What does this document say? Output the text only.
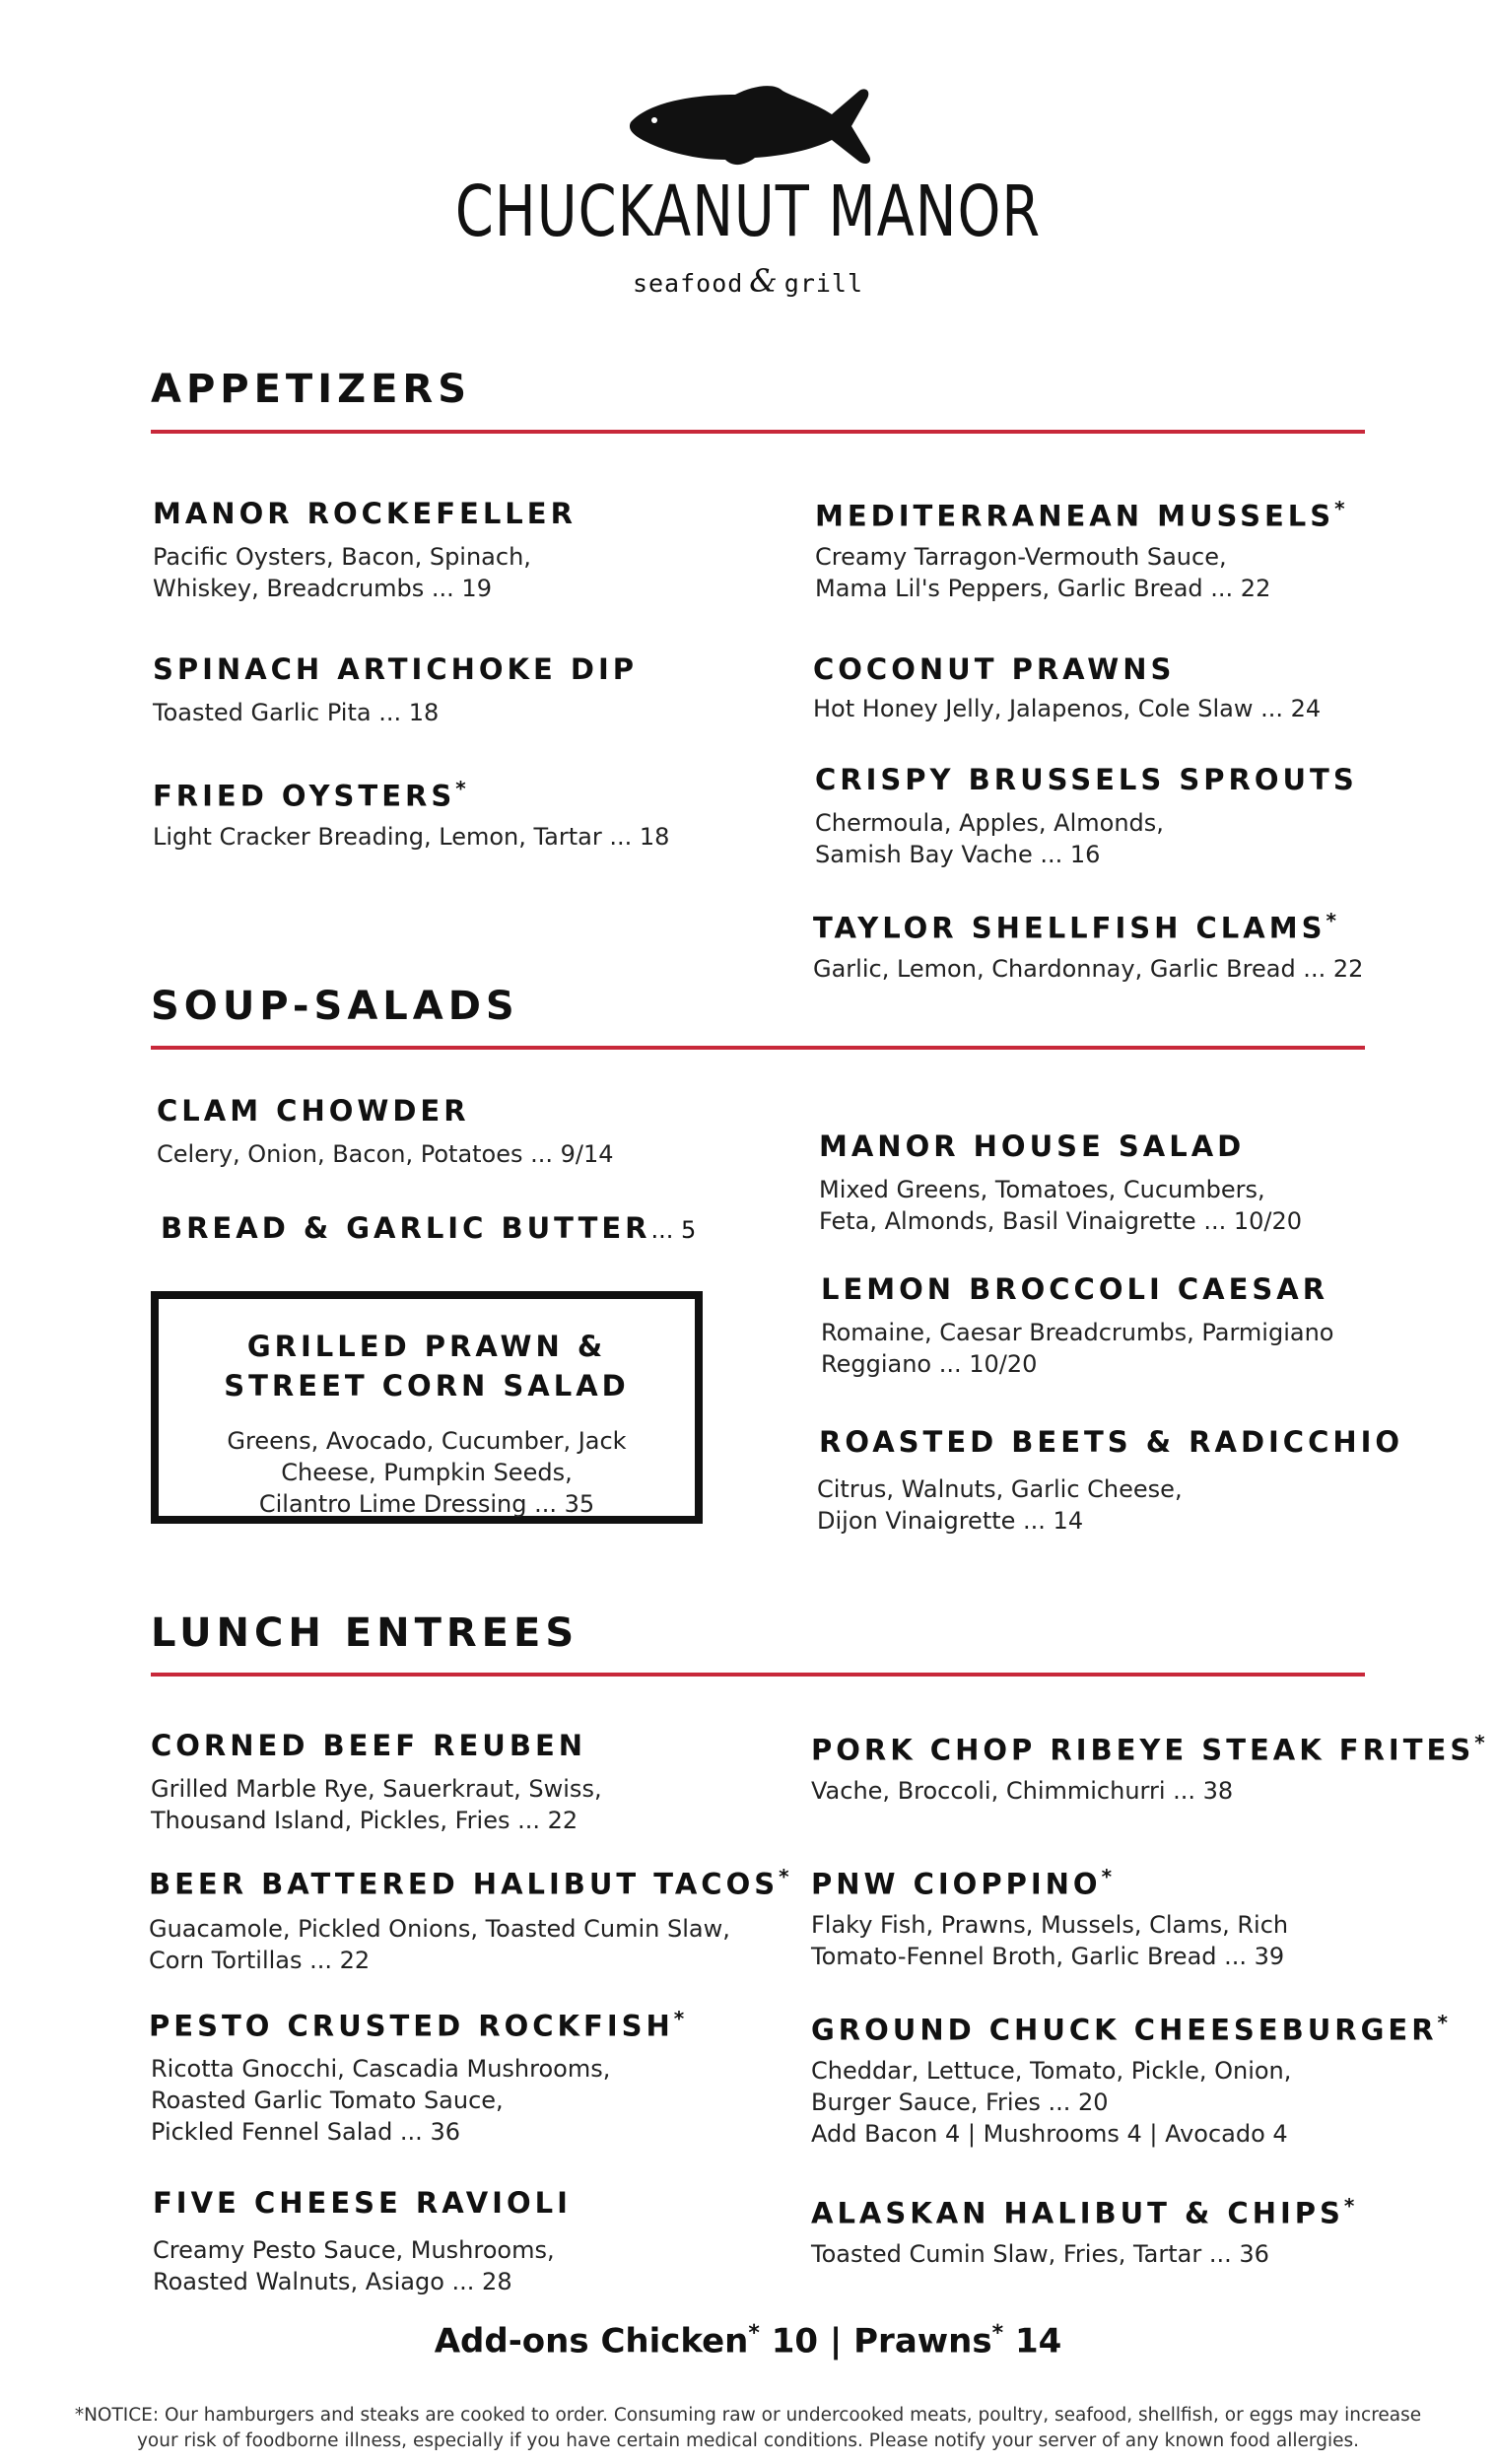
CHUCKANUT MANOR
seafood & grill
APPETIZERS
MANOR ROCKEFELLER
Pacific Oysters, Bacon, Spinach,
Whiskey, Breadcrumbs ... 19
SPINACH ARTICHOKE DIP
Toasted Garlic Pita ... 18
FRIED OYSTERS*
Light Cracker Breading, Lemon, Tartar ... 18
MEDITERRANEAN MUSSELS*
Creamy Tarragon-Vermouth Sauce,
Mama Lil's Peppers, Garlic Bread ... 22
COCONUT PRAWNS
Hot Honey Jelly, Jalapenos, Cole Slaw ... 24
CRISPY BRUSSELS SPROUTS
Chermoula, Apples, Almonds,
Samish Bay Vache ... 16
TAYLOR SHELLFISH CLAMS*
Garlic, Lemon, Chardonnay, Garlic Bread ... 22
SOUP-SALADS
CLAM CHOWDER
Celery, Onion, Bacon, Potatoes ... 9/14
BREAD & GARLIC BUTTER... 5
GRILLED PRAWN &
STREET CORN SALAD
Greens, Avocado, Cucumber, Jack
Cheese, Pumpkin Seeds,
Cilantro Lime Dressing ... 35
MANOR HOUSE SALAD
Mixed Greens, Tomatoes, Cucumbers,
Feta, Almonds, Basil Vinaigrette ... 10/20
LEMON BROCCOLI CAESAR
Romaine, Caesar Breadcrumbs, Parmigiano
Reggiano ... 10/20
ROASTED BEETS & RADICCHIO
Citrus, Walnuts, Garlic Cheese,
Dijon Vinaigrette ... 14
LUNCH ENTREES
CORNED BEEF REUBEN
Grilled Marble Rye, Sauerkraut, Swiss,
Thousand Island, Pickles, Fries ... 22
BEER BATTERED HALIBUT TACOS*
Guacamole, Pickled Onions, Toasted Cumin Slaw,
Corn Tortillas ... 22
PESTO CRUSTED ROCKFISH*
Ricotta Gnocchi, Cascadia Mushrooms,
Roasted Garlic Tomato Sauce,
Pickled Fennel Salad ... 36
FIVE CHEESE RAVIOLI
Creamy Pesto Sauce, Mushrooms,
Roasted Walnuts, Asiago ... 28
PORK CHOP RIBEYE STEAK FRITES*
Vache, Broccoli, Chimmichurri ... 38
PNW CIOPPINO*
Flaky Fish, Prawns, Mussels, Clams, Rich
Tomato-Fennel Broth, Garlic Bread ... 39
GROUND CHUCK CHEESEBURGER*
Cheddar, Lettuce, Tomato, Pickle, Onion,
Burger Sauce, Fries ... 20
Add Bacon 4 | Mushrooms 4 | Avocado 4
ALASKAN HALIBUT & CHIPS*
Toasted Cumin Slaw, Fries, Tartar ... 36
Add-ons Chicken* 10 | Prawns* 14
*NOTICE: Our hamburgers and steaks are cooked to order. Consuming raw or undercooked meats, poultry, seafood, shellfish, or eggs may increase
your risk of foodborne illness, especially if you have certain medical conditions. Please notify your server of any known food allergies.
